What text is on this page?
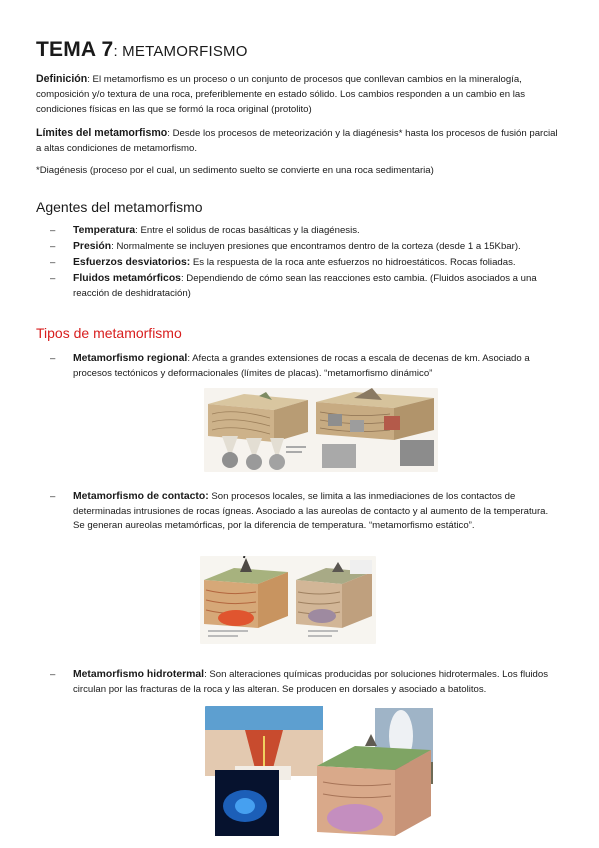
TEMA 7: METAMORFISMO
Definición: El metamorfismo es un proceso o un conjunto de procesos que conllevan cambios en la mineralogía, composición y/o textura de una roca, preferiblemente en estado sólido. Los cambios responden a un cambio en las condiciones físicas en las que se formó la roca original (protolito)
Límites del metamorfismo: Desde los procesos de meteorización y la diagénesis* hasta los procesos de fusión parcial a altas condiciones de metamorfismo.
*Diagénesis (proceso por el cual, un sedimento suelto se convierte en una roca sedimentaria)
Agentes del metamorfismo
– Temperatura: Entre el solidus de rocas basálticas y la diagénesis.
– Presión: Normalmente se incluyen presiones que encontramos dentro de la corteza (desde 1 a 15Kbar).
– Esfuerzos desviatorios: Es la respuesta de la roca ante esfuerzos no hidroestáticos. Rocas foliadas.
– Fluidos metamórficos: Dependiendo de cómo sean las reacciones esto cambia. (Fluidos asociados a una reacción de deshidratación)
Tipos de metamorfismo
– Metamorfismo regional: Afecta a grandes extensiones de rocas a escala de decenas de km. Asociado a procesos tectónicos y deformacionales (límites de placas). “metamorfismo dinámico”
– Metamorfismo de contacto: Son procesos locales, se limita a las inmediaciones de los contactos de determinadas intrusiones de rocas ígneas. Asociado a las aureolas de contacto y al aumento de la temperatura. Se generan aureolas metamórficas, por la diferencia de temperatura. “metamorfismo estático”.
– Metamorfismo hidrotermal: Son alteraciones químicas producidas por soluciones hidrotermales. Los fluidos circulan por las fracturas de la roca y las alteran. Se producen en dorsales y asociado a batolitos.
